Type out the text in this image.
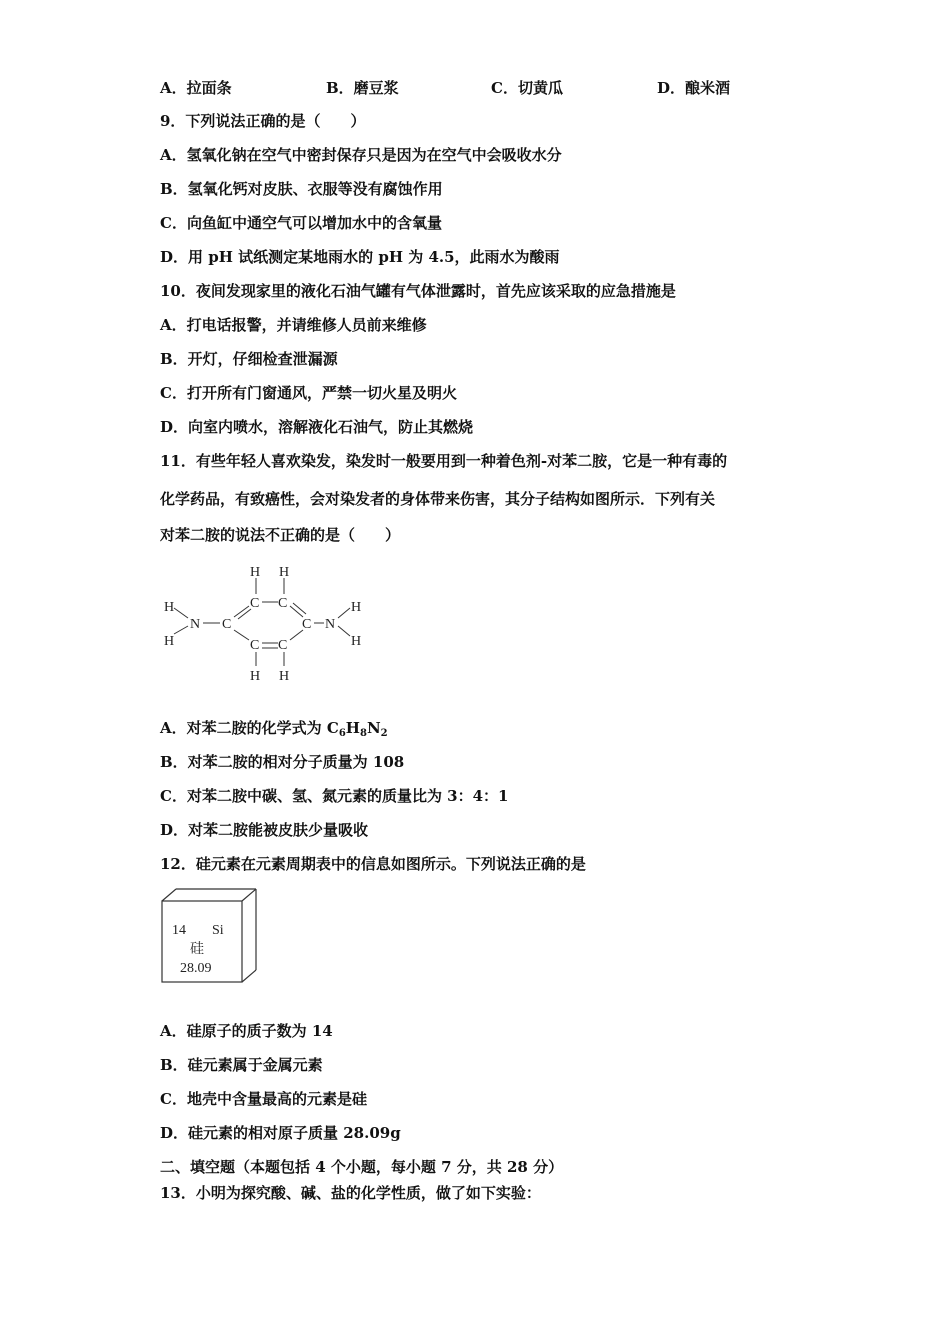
A．拉面条	B．磨豆浆	C．切黄瓜	D．酿米酒
9．下列说法正确的是（　　）
A．氢氧化钠在空气中密封保存只是因为在空气中会吸收水分
B．氢氧化钙对皮肤、衣服等没有腐蚀作用
C．向鱼缸中通空气可以增加水中的含氧量
D．用 pH 试纸测定某地雨水的 pH 为 4.5，此雨水为酸雨
10．夜间发现家里的液化石油气罐有气体泄露时，首先应该采取的应急措施是
A．打电话报警，并请维修人员前来维修
B．开灯，仔细检查泄漏源
C．打开所有门窗通风，严禁一切火星及明火
D．向室内喷水，溶解液化石油气，防止其燃烧
11．有些年轻人喜欢染发，染发时一般要用到一种着色剂-对苯二胺，它是一种有毒的
化学药品，有致癌性，会对染发者的身体带来伤害，其分子结构如图所示．下列有关
对苯二胺的说法不正确的是（　　）
H
H
N C
C C
C
C C
H H
H H
N
H
H
A．对苯二胺的化学式为 $C_6H_8N_2$
B．对苯二胺的相对分子质量为 108
C．对苯二胺中碳、氢、氮元素的质量比为 3：4：1
D．对苯二胺能被皮肤少量吸收
12．硅元素在元素周期表中的信息如图所示。下列说法正确的是
14 Si
硅
28.09
A．硅原子的质子数为 14
B．硅元素属于金属元素
C．地壳中含量最高的元素是硅
D．硅元素的相对原子质量 28.09g
二、填空题（本题包括 4 个小题，每小题 7 分，共 28 分）
13．小明为探究酸、碱、盐的化学性质，做了如下实验：
